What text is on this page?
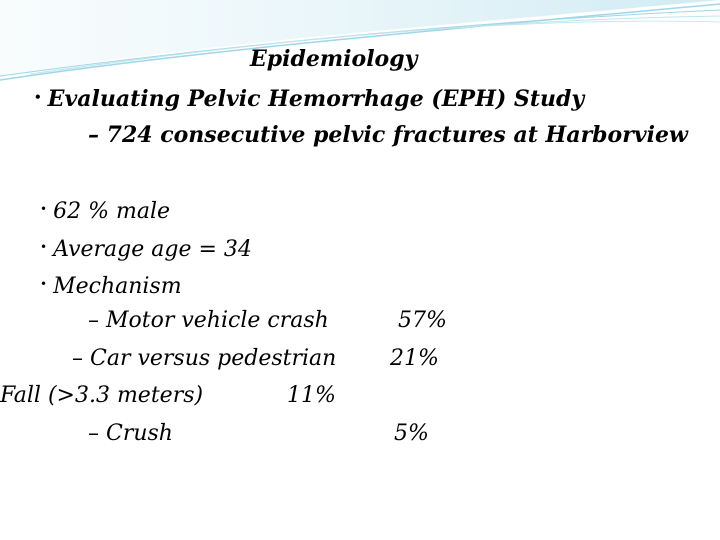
Epidemiology
• Evaluating Pelvic Hemorrhage (EPH) Study
– 724 consecutive pelvic fractures at Harborview
• 62 % male
• Average age = 34
• Mechanism
– Motor vehicle crash	57%
– Car versus pedestrian 21%
Fall (>3.3 meters)	11%
– Crush	5%
